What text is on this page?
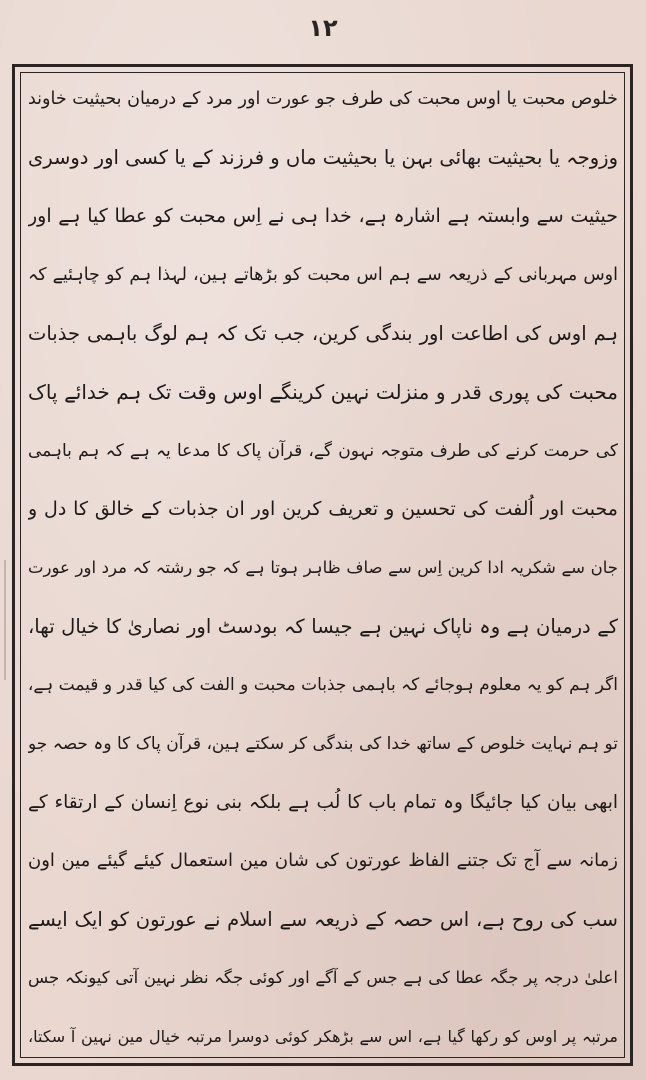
۱۲
خلوص محبت یا اوس محبت کی طرف جو عورت اور مرد کے درمیان بحیثیت خاوند
وزوجہ یا بحیثیت بھائی بہن یا بحیثیت ماں و فرزند کے یا کسی اور دوسری
حیثیت سے وابستہ ہے اشارہ ہے، خدا ہی نے اِس محبت کو عطا کیا ہے اور
اوس مہربانی کے ذریعہ سے ہم اس محبت کو بڑھاتے ہین، لہذا ہم کو چاہئیے کہ
ہم اوس کی اطاعت اور بندگی کرین، جب تک کہ ہم لوگ باہمی جذبات
محبت کی پوری قدر و منزلت نہین کرینگے اوس وقت تک ہم خدائے پاک
کی حرمت کرنے کی طرف متوجہ نہون گے، قرآن پاک کا مدعا یہ ہے کہ ہم باہمی
محبت اور اُلفت کی تحسین و تعریف کرین اور ان جذبات کے خالق کا دل و
جان سے شکریہ ادا کرین اِس سے صاف ظاہر ہوتا ہے کہ جو رشتہ کہ مرد اور عورت
کے درمیان ہے وہ ناپاک نہین ہے جیسا کہ بودسٹ اور نصاریٰ کا خیال تھا،
اگر ہم کو یہ معلوم ہوجائے کہ باہمی جذبات محبت و الفت کی کیا قدر و قیمت ہے،
تو ہم نہایت خلوص کے ساتھ خدا کی بندگی کر سکتے ہین، قرآن پاک کا وہ حصہ جو
ابھی بیان کیا جائیگا وہ تمام باب کا لُب ہے بلکہ بنی نوع اِنسان کے ارتقاء کے
زمانہ سے آج تک جتنے الفاظ عورتون کی شان مین استعمال کیئے گیئے مین اون
سب کی روح ہے، اس حصہ کے ذریعہ سے اسلام نے عورتون کو ایک ایسے
اعلیٰ درجہ پر جگہ عطا کی ہے جس کے آگے اور کوئی جگہ نظر نہین آتی کیونکہ جس
مرتبہ پر اوس کو رکھا گیا ہے، اس سے بڑھکر کوئی دوسرا مرتبہ خیال مین نہین آ سکتا،
